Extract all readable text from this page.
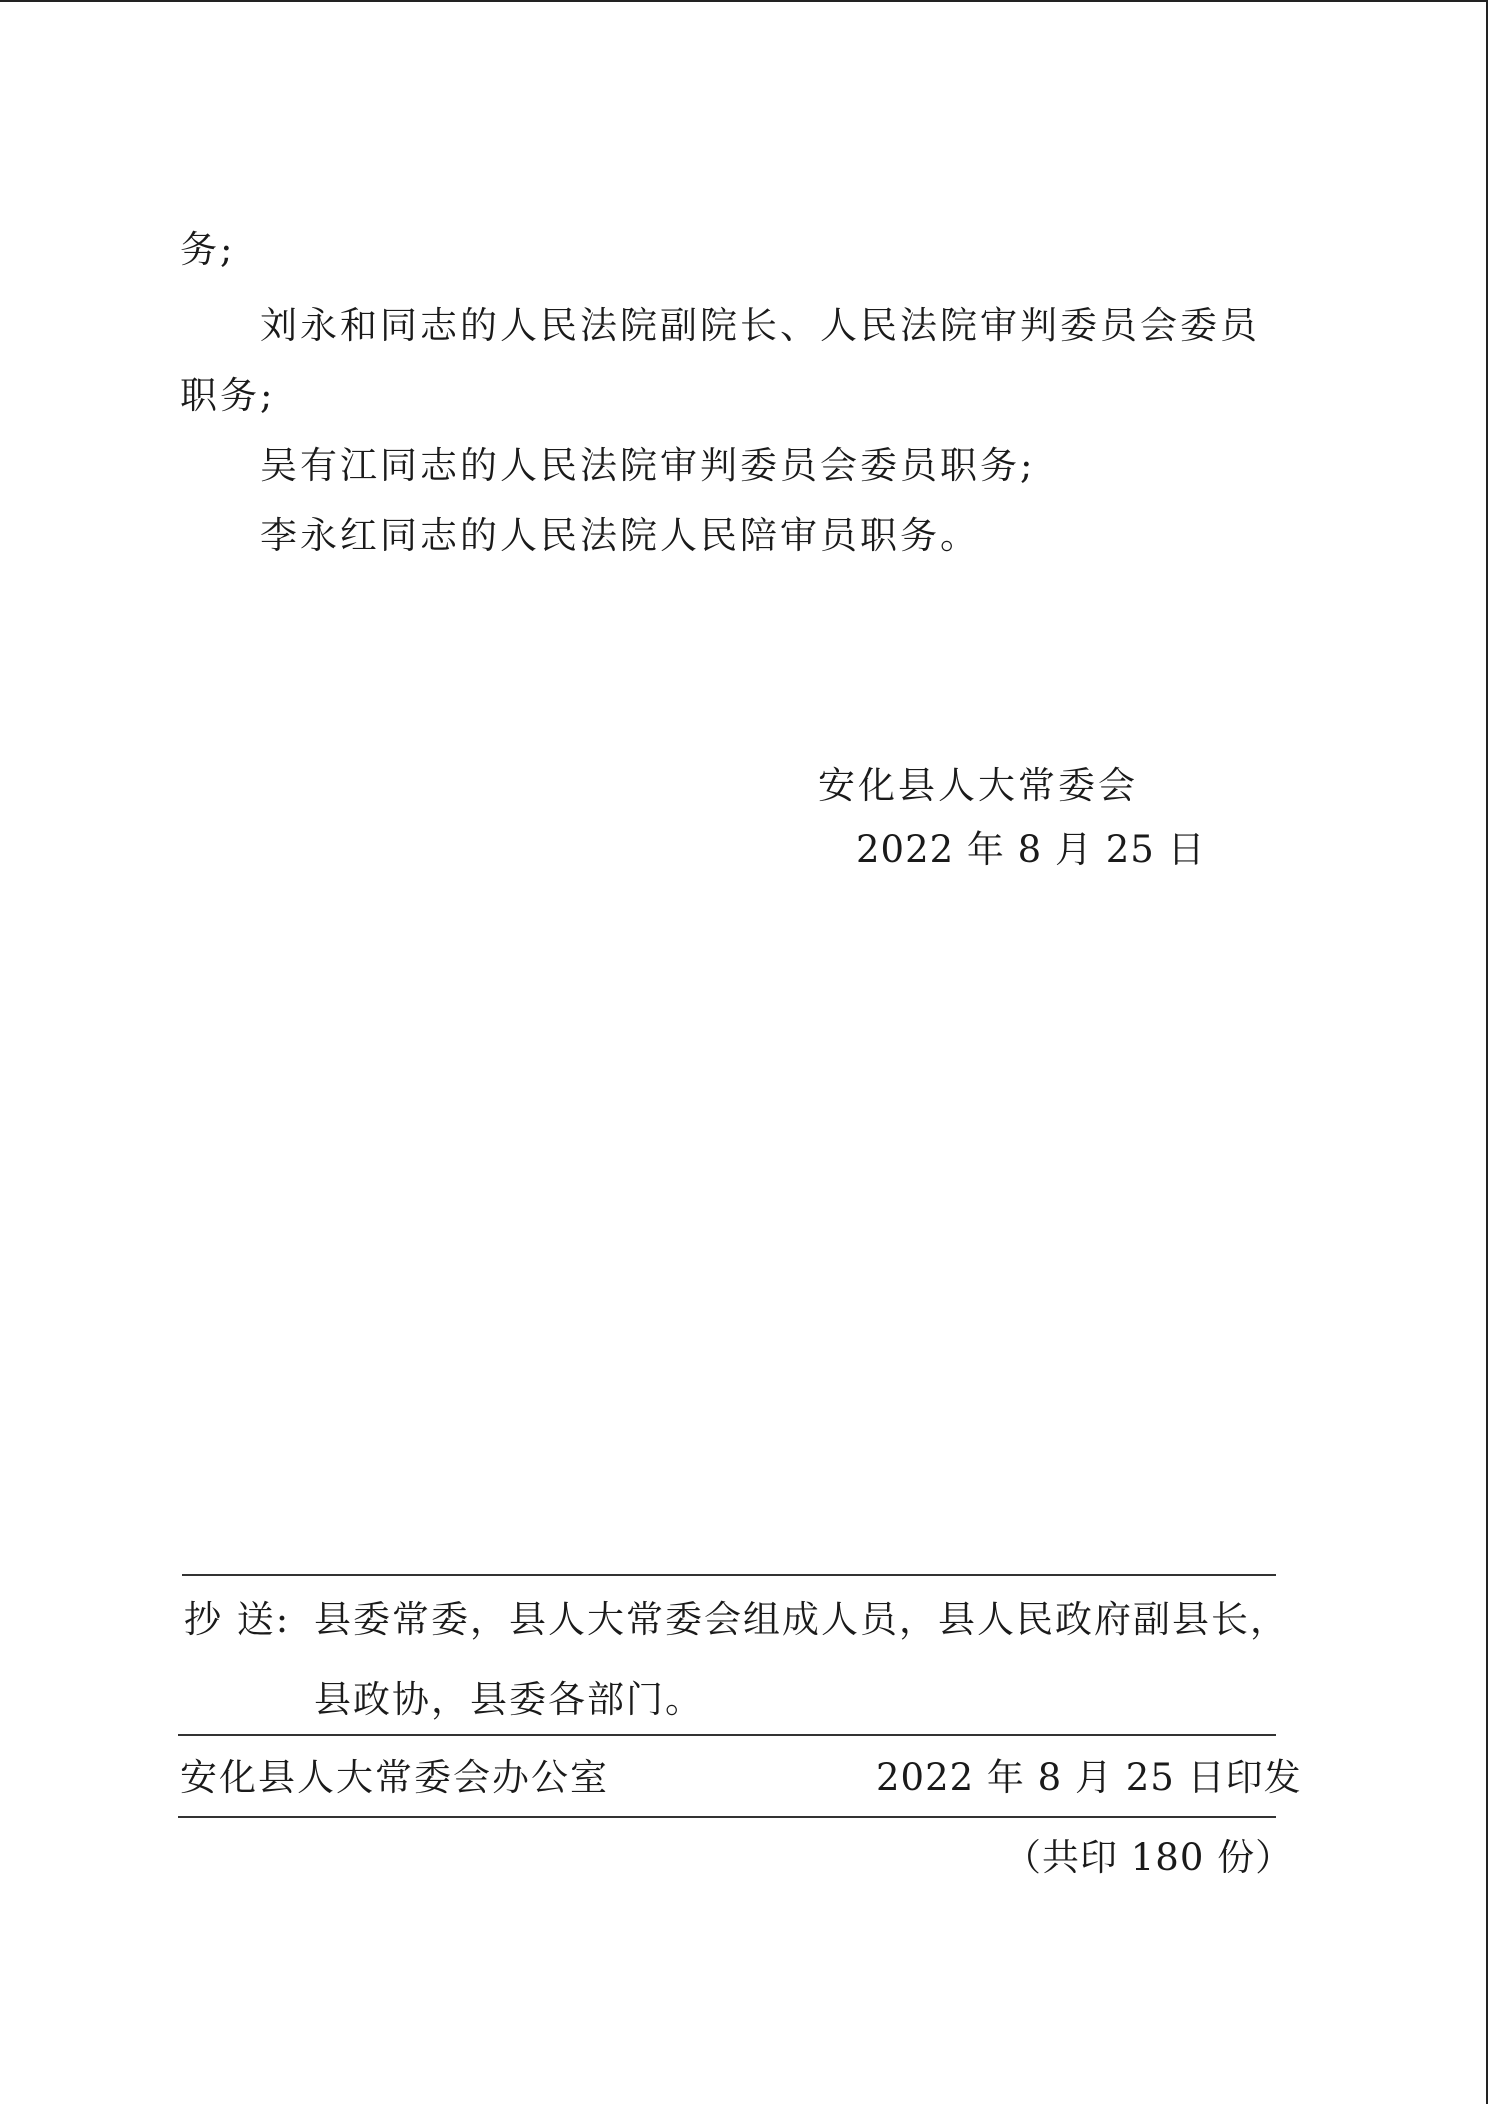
务;
刘永和同志的人民法院副院长、人民法院审判委员会委员
职务;
吴有江同志的人民法院审判委员会委员职务;
李永红同志的人民法院人民陪审员职务。
安化县人大常委会
2022 年 8 月 25 日
抄 送: 县委常委，县人大常委会组成人员，县人民政府副县长，
县政协，县委各部门。
安化县人大常委会办公室	2022 年 8 月 25 日印发
（共印 180 份）
